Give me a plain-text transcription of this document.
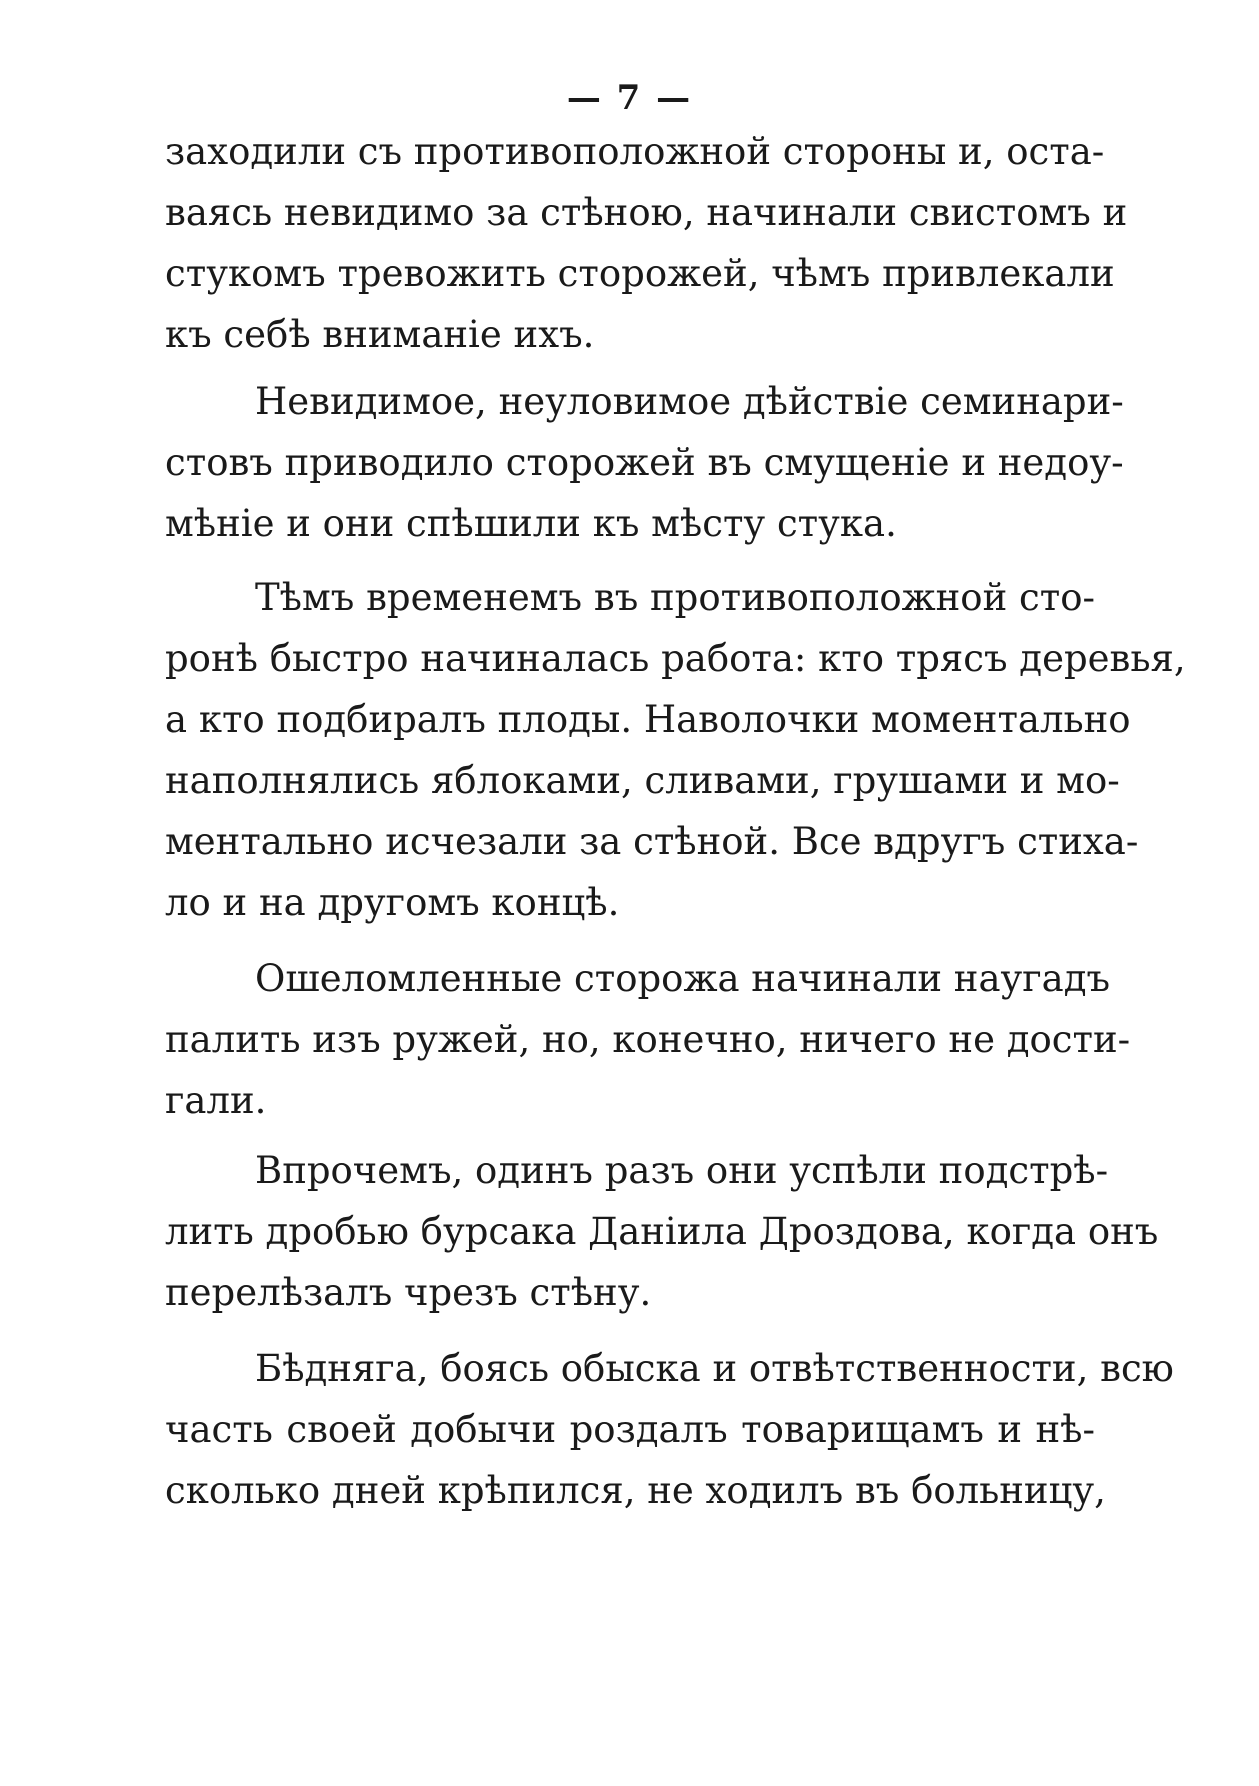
— 7 —
заходили съ противоположной стороны и, оста-
ваясь невидимо за стѣною, начинали свистомъ и
стукомъ тревожить сторожей, чѣмъ привлекали
къ себѣ вниманіе ихъ.
Невидимое, неуловимое дѣйствіе семинари-
стовъ приводило сторожей въ смущеніе и недоу-
мѣніе и они спѣшили къ мѣсту стука.
Тѣмъ временемъ въ противоположной сто-
ронѣ быстро начиналась работа: кто трясъ деревья,
а кто подбиралъ плоды. Наволочки моментально
наполнялись яблоками, сливами, грушами и мо-
ментально исчезали за стѣной. Все вдругъ стиха-
ло и на другомъ концѣ.
Ошеломленные сторожа начинали наугадъ
палить изъ ружей, но, конечно, ничего не дости-
гали.
Впрочемъ, одинъ разъ они успѣли подстрѣ-
лить дробью бурсака Даніила Дроздова, когда онъ
перелѣзалъ чрезъ стѣну.
Бѣдняга, боясь обыска и отвѣтственности, всю
часть своей добычи роздалъ товарищамъ и нѣ-
сколько дней крѣпился, не ходилъ въ больницу,
